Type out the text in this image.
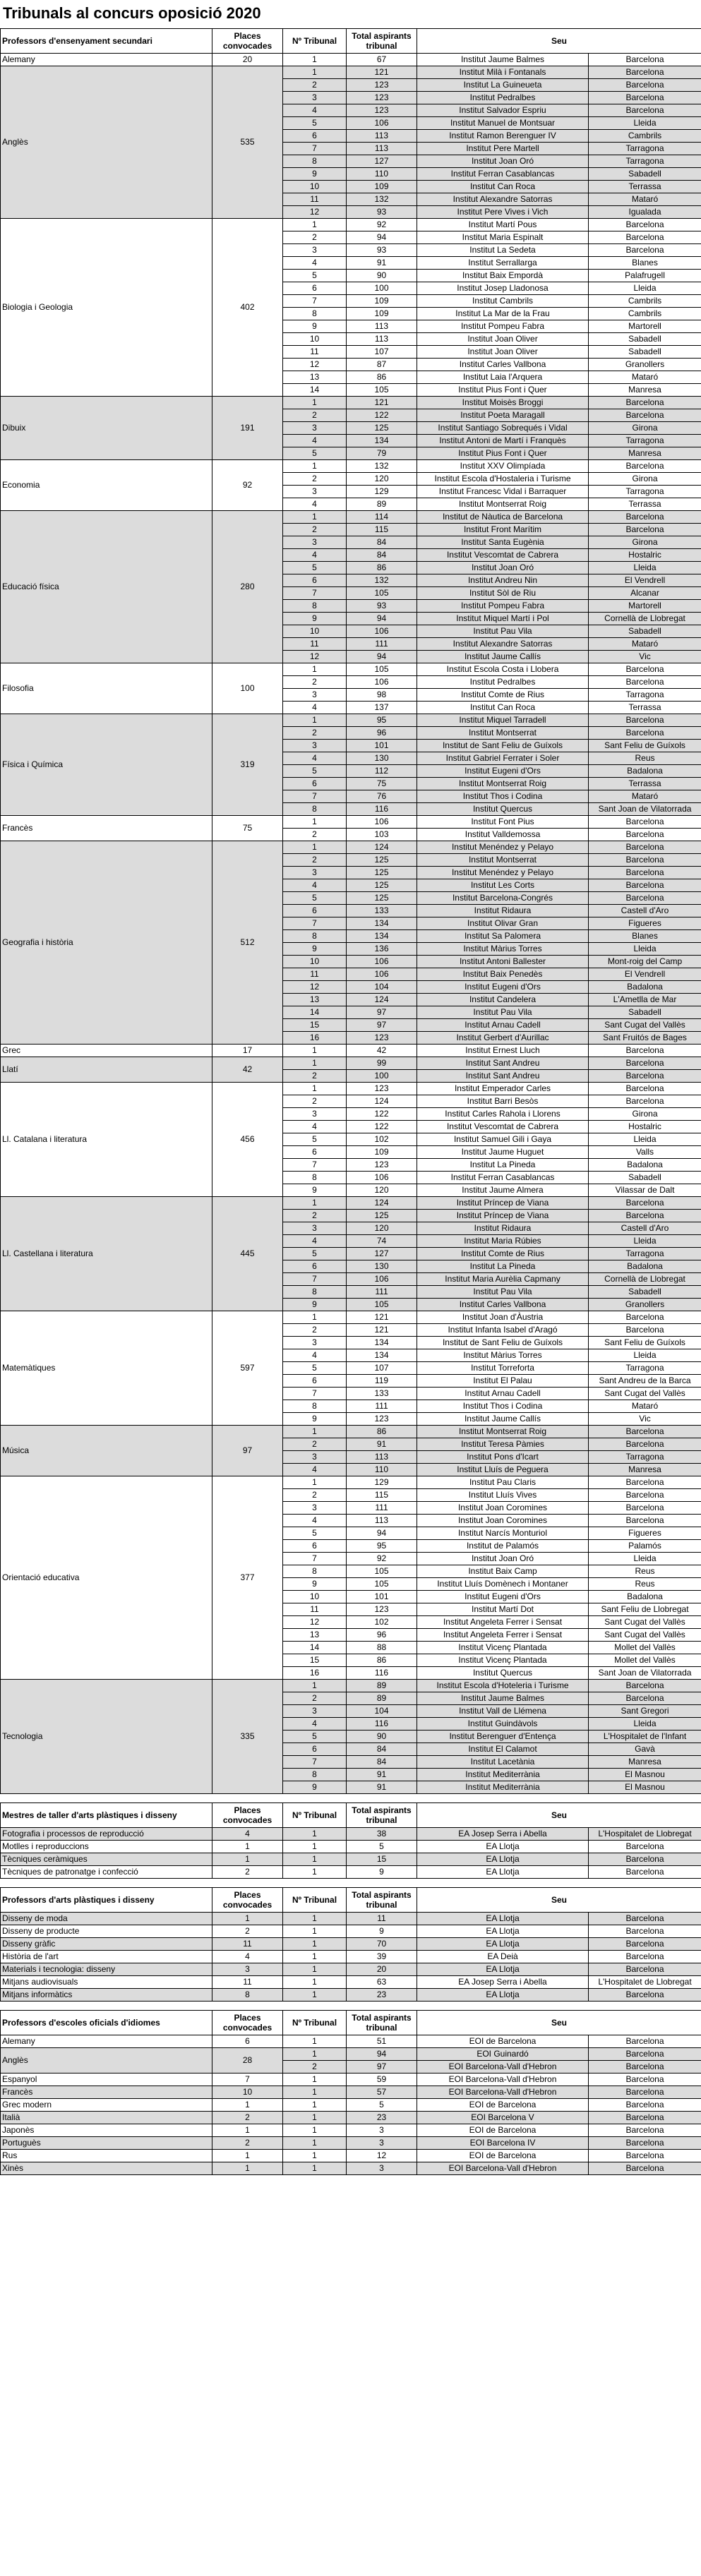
Tribunals al concurs oposició 2020
Professors d'ensenyament secundari	Places convocades	Nº Tribunal	Total aspirants tribunal	Seu	
Alemany	20	1	67	Institut Jaume Balmes	Barcelona
Anglès	535	1	121	Institut Milà i Fontanals	Barcelona
		2	123	Institut La Guineueta	Barcelona
		3	123	Institut Pedralbes	Barcelona
		4	123	Institut Salvador Espriu	Barcelona
		5	106	Institut Manuel de Montsuar	Lleida
		6	113	Institut Ramon Berenguer IV	Cambrils
		7	113	Institut Pere Martell	Tarragona
		8	127	Institut Joan Oró	Tarragona
		9	110	Institut Ferran Casablancas	Sabadell
		10	109	Institut Can Roca	Terrassa
		11	132	Institut Alexandre Satorras	Mataró
		12	93	Institut Pere Vives i Vich	Igualada
Biologia i Geologia	402	1	92	Institut Martí Pous	Barcelona
		2	94	Institut Maria Espinalt	Barcelona
		3	93	Institut La Sedeta	Barcelona
		4	91	Institut Serrallarga	Blanes
		5	90	Institut Baix Empordà	Palafrugell
		6	100	Institut Josep Lladonosa	Lleida
		7	109	Institut Cambrils	Cambrils
		8	109	Institut La Mar de la Frau	Cambrils
		9	113	Institut Pompeu Fabra	Martorell
		10	113	Institut Joan Oliver	Sabadell
		11	107	Institut Joan Oliver	Sabadell
		12	87	Institut Carles Vallbona	Granollers
		13	86	Institut Laia l'Arquera	Mataró
		14	105	Institut Pius Font i Quer	Manresa
Dibuix	191	1	121	Institut Moisès Broggi	Barcelona
		2	122	Institut Poeta Maragall	Barcelona
		3	125	Institut Santiago Sobrequés i Vidal	Girona
		4	134	Institut Antoni de Martí i Franquès	Tarragona
		5	79	Institut Pius Font i Quer	Manresa
Economia	92	1	132	Institut XXV Olimpíada	Barcelona
		2	120	Institut Escola d'Hostaleria i Turisme	Girona
		3	129	Institut Francesc Vidal i Barraquer	Tarragona
		4	89	Institut Montserrat Roig	Terrassa
Educació física	280	1	114	Institut de Nàutica de Barcelona	Barcelona
		2	115	Institut Front Marítim	Barcelona
		3	84	Institut Santa Eugènia	Girona
		4	84	Institut Vescomtat de Cabrera	Hostalric
		5	86	Institut Joan Oró	Lleida
		6	132	Institut Andreu Nin	El Vendrell
		7	105	Institut Sòl de Riu	Alcanar
		8	93	Institut Pompeu Fabra	Martorell
		9	94	Institut Miquel Martí i Pol	Cornellà de Llobregat
		10	106	Institut Pau Vila	Sabadell
		11	111	Institut Alexandre Satorras	Mataró
		12	94	Institut Jaume Callís	Vic
Filosofia	100	1	105	Institut Escola Costa i Llobera	Barcelona
		2	106	Institut Pedralbes	Barcelona
		3	98	Institut Comte de Rius	Tarragona
		4	137	Institut Can Roca	Terrassa
Física i Química	319	1	95	Institut Miquel Tarradell	Barcelona
		2	96	Institut Montserrat	Barcelona
		3	101	Institut de Sant Feliu de Guíxols	Sant Feliu de Guíxols
		4	130	Institut Gabriel Ferrater i Soler	Reus
		5	112	Institut Eugeni d'Ors	Badalona
		6	75	Institut Montserrat Roig	Terrassa
		7	76	Institut Thos i Codina	Mataró
		8	116	Institut Quercus	Sant Joan de Vilatorrada
Francès	75	1	106	Institut Font Pius	Barcelona
		2	103	Institut Valldemossa	Barcelona
Geografia i història	512	1	124	Institut Menéndez y Pelayo	Barcelona
		2	125	Institut Montserrat	Barcelona
		3	125	Institut Menéndez y Pelayo	Barcelona
		4	125	Institut Les Corts	Barcelona
		5	125	Institut Barcelona-Congrés	Barcelona
		6	133	Institut Ridaura	Castell d'Aro
		7	134	Institut Olivar Gran	Figueres
		8	134	Institut Sa Palomera	Blanes
		9	136	Institut Màrius Torres	Lleida
		10	106	Institut Antoni Ballester	Mont-roig del Camp
		11	106	Institut Baix Penedès	El Vendrell
		12	104	Institut Eugeni d'Ors	Badalona
		13	124	Institut Candelera	L'Ametlla de Mar
		14	97	Institut Pau Vila	Sabadell
		15	97	Institut Arnau Cadell	Sant Cugat del Vallès
		16	123	Institut Gerbert d'Aurillac	Sant Fruitós de Bages
Grec	17	1	42	Institut Ernest Lluch	Barcelona
Llatí	42	1	99	Institut Sant Andreu	Barcelona
		2	100	Institut Sant Andreu	Barcelona
Ll. Catalana i literatura	456	1	123	Institut Emperador Carles	Barcelona
		2	124	Institut Barri Besòs	Barcelona
		3	122	Institut Carles Rahola i Llorens	Girona
		4	122	Institut Vescomtat de Cabrera	Hostalric
		5	102	Institut Samuel Gili i Gaya	Lleida
		6	109	Institut Jaume Huguet	Valls
		7	123	Institut La Pineda	Badalona
		8	106	Institut Ferran Casablancas	Sabadell
		9	120	Institut Jaume Almera	Vilassar de Dalt
Ll. Castellana i literatura	445	1	124	Institut Príncep de Viana	Barcelona
		2	125	Institut Príncep de Viana	Barcelona
		3	120	Institut Ridaura	Castell d'Aro
		4	74	Institut Maria Rúbies	Lleida
		5	127	Institut Comte de Rius	Tarragona
		6	130	Institut La Pineda	Badalona
		7	106	Institut Maria Aurèlia Capmany	Cornellà de Llobregat
		8	111	Institut Pau Vila	Sabadell
		9	105	Institut Carles Vallbona	Granollers
Matemàtiques	597	1	121	Institut Joan d'Àustria	Barcelona
		2	121	Institut Infanta Isabel d'Aragó	Barcelona
		3	134	Institut de Sant Feliu de Guíxols	Sant Feliu de Guíxols
		4	134	Institut Màrius Torres	Lleida
		5	107	Institut Torreforta	Tarragona
		6	119	Institut El Palau	Sant Andreu de la Barca
		7	133	Institut Arnau Cadell	Sant Cugat del Vallès
		8	111	Institut Thos i Codina	Mataró
		9	123	Institut Jaume Callís	Vic
Música	97	1	86	Institut Montserrat Roig	Barcelona
		2	91	Institut Teresa Pàmies	Barcelona
		3	113	Institut Pons d'Icart	Tarragona
		4	110	Institut Lluís de Peguera	Manresa
Orientació educativa	377	1	129	Institut Pau Claris	Barcelona
		2	115	Institut Lluís Vives	Barcelona
		3	111	Institut Joan Coromines	Barcelona
		4	113	Institut Joan Coromines	Barcelona
		5	94	Institut Narcís Monturiol	Figueres
		6	95	Institut de Palamós	Palamós
		7	92	Institut Joan Oró	Lleida
		8	105	Institut Baix Camp	Reus
		9	105	Institut Lluís Domènech i Montaner	Reus
		10	101	Institut Eugeni d'Ors	Badalona
		11	123	Institut Martí Dot	Sant Feliu de Llobregat
		12	102	Institut Angeleta Ferrer i Sensat	Sant Cugat del Vallès
		13	96	Institut Angeleta Ferrer i Sensat	Sant Cugat del Vallès
		14	88	Institut Vicenç Plantada	Mollet del Vallès
		15	86	Institut Vicenç Plantada	Mollet del Vallès
		16	116	Institut Quercus	Sant Joan de Vilatorrada
Tecnologia	335	1	89	Institut Escola d'Hoteleria i Turisme	Barcelona
		2	89	Institut Jaume Balmes	Barcelona
		3	104	Institut Vall de Llémena	Sant Gregori
		4	116	Institut Guindàvols	Lleida
		5	90	Institut Berenguer d'Entença	L'Hospitalet de l'Infant
		6	84	Institut El Calamot	Gavà
		7	84	Institut Lacetània	Manresa
		8	91	Institut Mediterrània	El Masnou
		9	91	Institut Mediterrània	El Masnou
Mestres de taller d'arts plàstiques i disseny	Places convocades	Nº Tribunal	Total aspirants tribunal	Seu	
Fotografia i processos de reproducció	4	1	38	EA Josep Serra i Abella	L'Hospitalet de Llobregat
Motlles i reproduccions	1	1	5	EA Llotja	Barcelona
Tècniques ceràmiques	1	1	15	EA Llotja	Barcelona
Tècniques de patronatge i confecció	2	1	9	EA Llotja	Barcelona
Professors d'arts plàstiques i disseny	Places convocades	Nº Tribunal	Total aspirants tribunal	Seu	
Disseny de moda	1	1	11	EA Llotja	Barcelona
Disseny de producte	2	1	9	EA Llotja	Barcelona
Disseny gràfic	11	1	70	EA Llotja	Barcelona
Història de l'art	4	1	39	EA Deià	Barcelona
Materials i tecnologia: disseny	3	1	20	EA Llotja	Barcelona
Mitjans audiovisuals	11	1	63	EA Josep Serra i Abella	L'Hospitalet de Llobregat
Mitjans informàtics	8	1	23	EA Llotja	Barcelona
Professors d'escoles oficials d'idiomes	Places convocades	Nº Tribunal	Total aspirants tribunal	Seu	
Alemany	6	1	51	EOI de Barcelona	Barcelona
Anglès	28	1	94	EOI Guinardó	Barcelona
		2	97	EOI Barcelona-Vall d'Hebron	Barcelona
Espanyol	7	1	59	EOI Barcelona-Vall d'Hebron	Barcelona
Francès	10	1	57	EOI Barcelona-Vall d'Hebron	Barcelona
Grec modern	1	1	5	EOI de Barcelona	Barcelona
Italià	2	1	23	EOI Barcelona V	Barcelona
Japonès	1	1	3	EOI de Barcelona	Barcelona
Portuguès	2	1	3	EOI Barcelona IV	Barcelona
Rus	1	1	12	EOI de Barcelona	Barcelona
Xinès	1	1	3	EOI Barcelona-Vall d'Hebron	Barcelona
